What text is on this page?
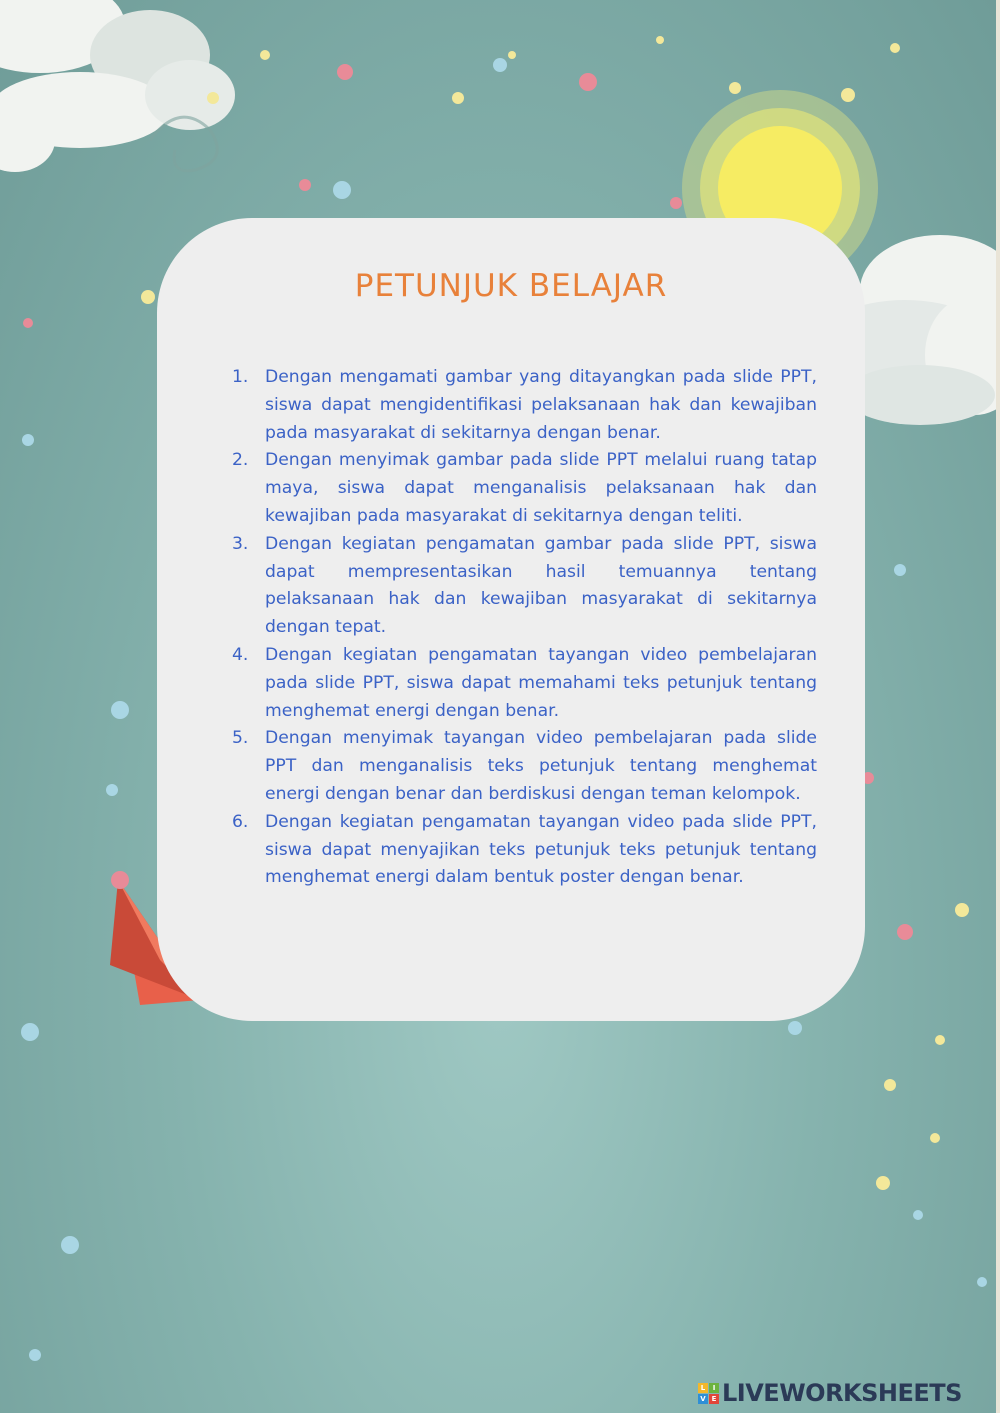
PETUNJUK BELAJAR
1. Dengan mengamati gambar yang ditayangkan pada slide PPT, siswa dapat mengidentifikasi pelaksanaan hak dan kewajiban pada masyarakat di sekitarnya dengan benar.
2. Dengan menyimak gambar pada slide PPT melalui ruang tatap maya, siswa dapat menganalisis pelaksanaan hak dan kewajiban pada masyarakat di sekitarnya dengan teliti.
3. Dengan kegiatan pengamatan gambar pada slide PPT, siswa dapat mempresentasikan hasil temuannya tentang pelaksanaan hak dan kewajiban masyarakat di sekitarnya dengan tepat.
4. Dengan kegiatan pengamatan tayangan video pembelajaran pada slide PPT, siswa dapat memahami teks petunjuk tentang menghemat energi dengan benar.
5. Dengan menyimak tayangan video pembelajaran pada slide PPT dan menganalisis teks petunjuk tentang menghemat energi dengan benar dan berdiskusi dengan teman kelompok.
6. Dengan kegiatan pengamatan tayangan video pada slide PPT, siswa dapat menyajikan teks petunjuk teks petunjuk tentang menghemat energi dalam bentuk poster dengan benar.
L	I
V E LIVEWORKSHEETS
